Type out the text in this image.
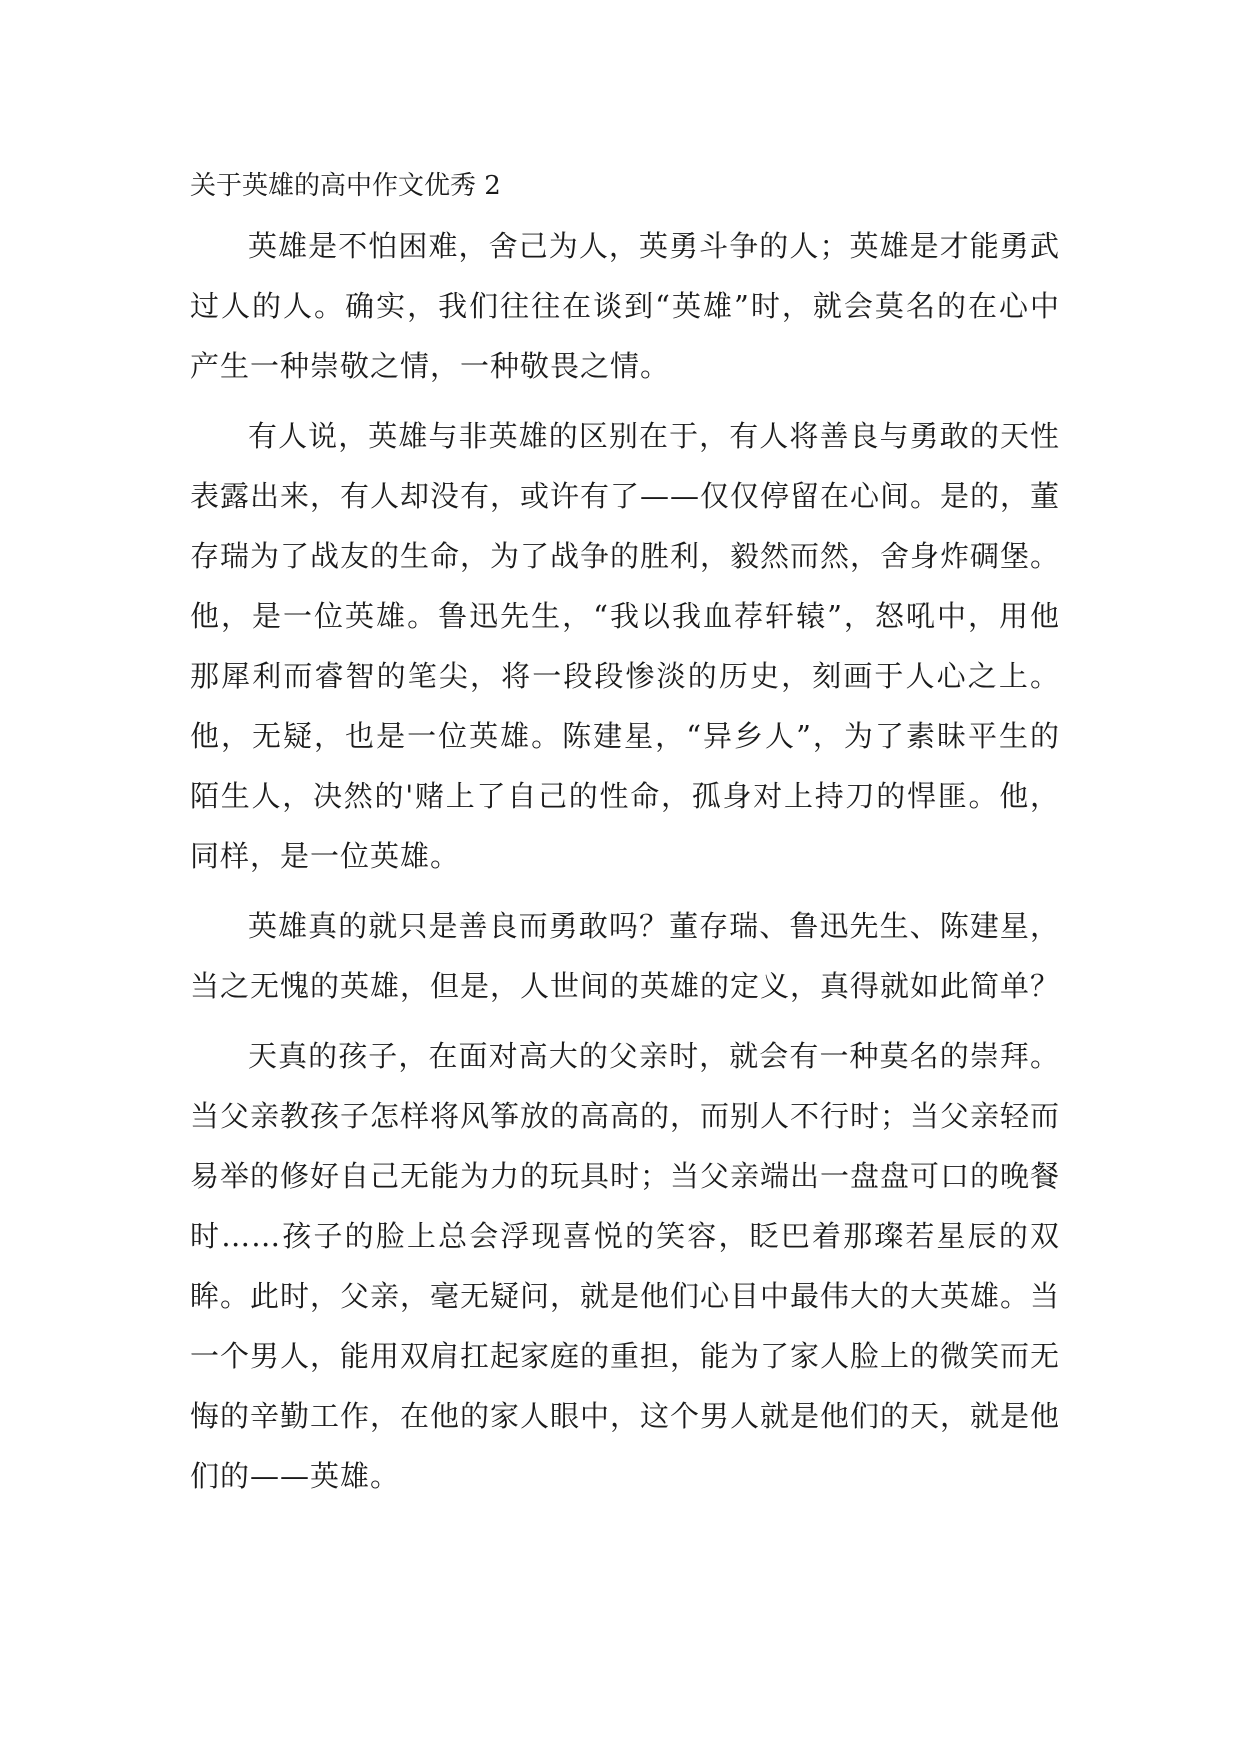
关于英雄的高中作文优秀 2

英雄是不怕困难，舍己为人，英勇斗争的人；英雄是才能勇武过人的人。确实，我们往往在谈到“英雄”时，就会莫名的在心中产生一种崇敬之情，一种敬畏之情。

有人说，英雄与非英雄的区别在于，有人将善良与勇敢的天性表露出来，有人却没有，或许有了——仅仅停留在心间。是的，董存瑞为了战友的生命，为了战争的胜利，毅然而然，舍身炸碉堡。他，是一位英雄。鲁迅先生，“我以我血荐轩辕”，怒吼中，用他那犀利而睿智的笔尖，将一段段惨淡的历史，刻画于人心之上。他，无疑，也是一位英雄。陈建星，“异乡人”，为了素昧平生的陌生人，决然的'赌上了自己的性命，孤身对上持刀的悍匪。他，同样，是一位英雄。

英雄真的就只是善良而勇敢吗？董存瑞、鲁迅先生、陈建星，当之无愧的英雄，但是，人世间的英雄的定义，真得就如此简单？

天真的孩子，在面对高大的父亲时，就会有一种莫名的崇拜。当父亲教孩子怎样将风筝放的高高的，而别人不行时；当父亲轻而易举的修好自己无能为力的玩具时；当父亲端出一盘盘可口的晚餐时……孩子的脸上总会浮现喜悦的笑容，眨巴着那璨若星辰的双眸。此时，父亲，毫无疑问，就是他们心目中最伟大的大英雄。当一个男人，能用双肩扛起家庭的重担，能为了家人脸上的微笑而无悔的辛勤工作，在他的家人眼中，这个男人就是他们的天，就是他们的——英雄。
